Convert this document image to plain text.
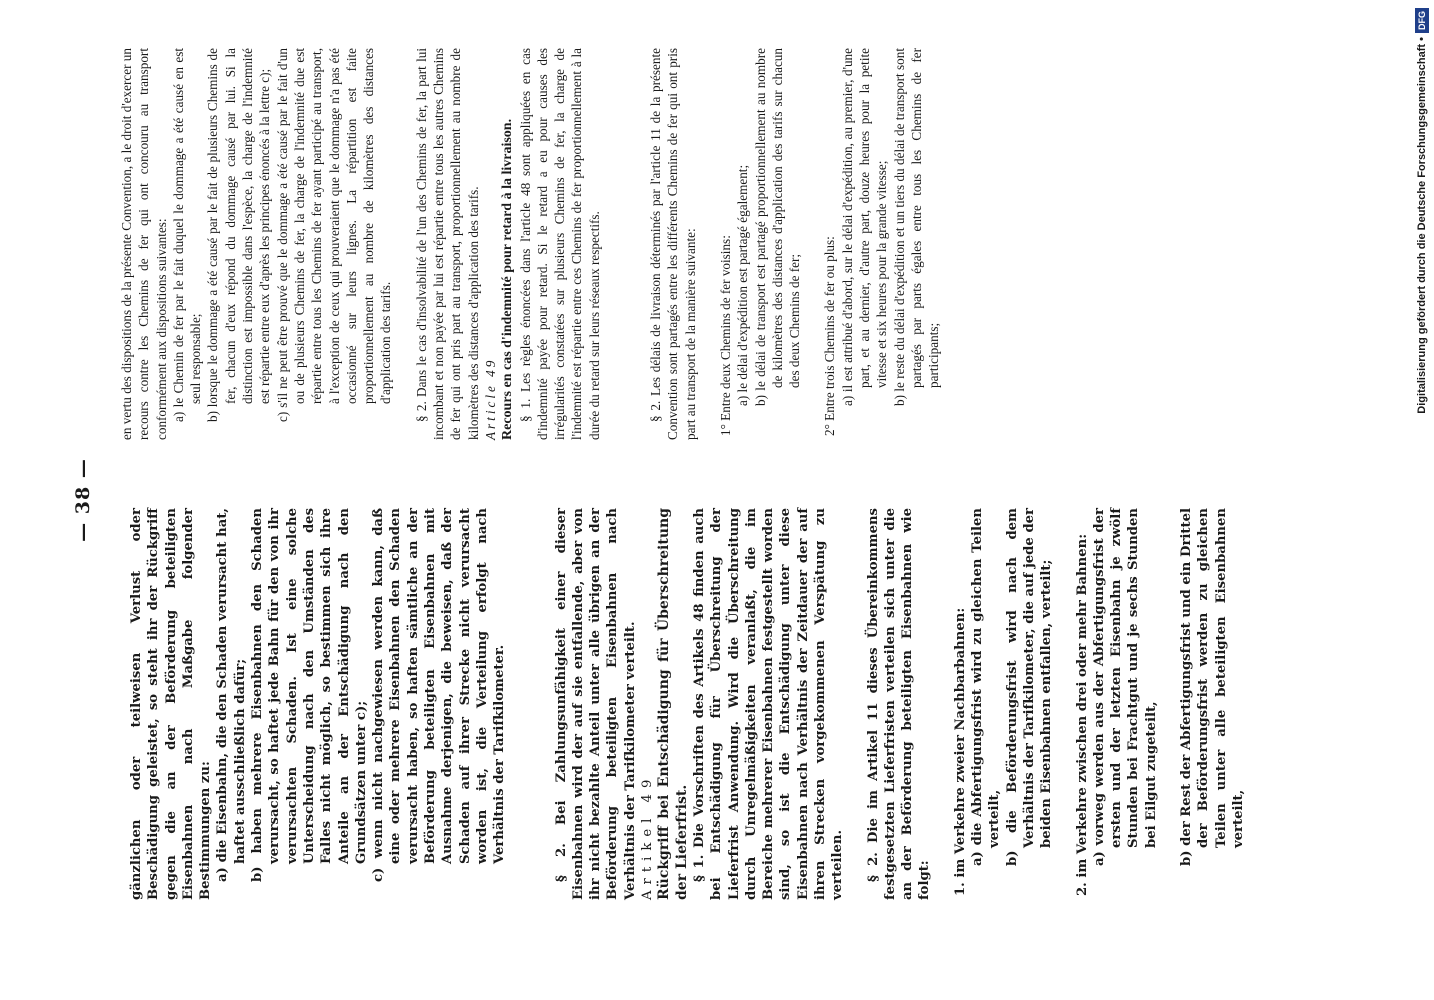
— 38 —

gänzlichen oder teilweisen Verlust oder Beschädigung geleistet, so steht ihr der Rückgriff gegen die an der Beförderung beteiligten Eisenbahnen nach Maßgabe folgender Bestimmungen zu: a) die Eisenbahn, die den Schaden verursacht hat, haftet ausschließlich dafür;

b) haben mehrere Eisenbahnen den Schaden verursacht, so haftet jede Bahn für den von ihr verursachten Schaden. Ist eine solche Unterscheidung nach den Umständen des Falles nicht möglich, so bestimmen sich ihre Anteile an der Entschädigung nach den Grundsätzen unter c);

c) wenn nicht nachgewiesen werden kann, daß eine oder mehrere Eisenbahnen den Schaden verursacht haben, so haften sämtliche an der Beförderung beteiligten Eisenbahnen mit Ausnahme derjenigen, die beweisen, daß der Schaden auf ihrer Strecke nicht verursacht worden ist, die Verteilung erfolgt nach Verhältnis der Tarifkilometer.	§ 2. Bei Zahlungsunfähigkeit einer dieser Eisenbahnen wird der auf sie entfallende, aber von ihr nicht bezahlte Anteil unter alle übrigen an der Beförderung beteiligten Eisenbahnen nach Verhältnis der Tarifkilometer verteilt. Artikel 49 Rückgriff bei Entschädigung für Überschreitung der Lieferfrist. § 1. Die Vorschriften des Artikels 48 finden auch bei Entschädigung für Überschreitung der Lieferfrist Anwendung. Wird die Überschreitung durch Unregelmäßigkeiten veranlaßt, die im Bereiche mehrerer Eisenbahnen festgestellt worden sind, so ist die Entschädigung unter diese Eisenbahnen nach Verhältnis der Zeitdauer der auf ihren Strecken vorgekommenen Verspätung zu verteilen. § 2. Die im Artikel 11 dieses Übereinkommens festgesetzten Lieferfristen verteilen sich unter die an der Beförderung beteiligten Eisenbahnen wie folgt: 1. im Verkehre zweier Nachbarbahnen: a) die Abfertigungsfrist wird zu gleichen Teilen verteilt,

b) die Beförderungsfrist wird nach dem Verhältnis der Tarifkilometer, die auf jede der beiden Eisenbahnen entfallen, verteilt; 2. im Verkehre zwischen drei oder mehr Bahnen: a) vorweg werden aus der Abfertigungsfrist der ersten und der letzten Eisenbahn je zwölf Stunden bei Frachtgut und je sechs Stunden bei Eilgut zugeteilt,

b) der Rest der Abfertigungsfrist und ein Drittel der Beförderungsfrist werden zu gleichen Teilen unter alle beteiligten Eisenbahnen verteilt,

en vertu des dispositions de la présente Convention, a le droit d'exercer un recours contre les Chemins de fer qui ont concouru au transport conformément aux dispositions suivantes: a) le Chemin de fer par le fait duquel le dommage a été causé en est seul responsable;

b) lorsque le dommage a été causé par le fait de plusieurs Chemins de fer, chacun d'eux répond du dommage causé par lui. Si la distinction est impossible dans l'espèce, la charge de l'indemnité est répartie entre eux d'après les principes énoncés à la lettre c);

c) s'il ne peut être prouvé que le dommage a été causé par le fait d'un ou de plusieurs Chemins de fer, la charge de l'indemnité due est répartie entre tous les Chemins de fer ayant participé au transport, à l'exception de ceux qui prouveraient que le dommage n'a pas été occasionné sur leurs lignes. La répartition est faite proportionnellement au nombre de kilomètres des distances d'application des tarifs. § 2. Dans le cas d'insolvabilité de l'un des Chemins de fer, la part lui incombant et non payée par lui est répartie entre tous les autres Chemins de fer qui ont pris part au transport, proportionnellement au nombre de kilomètres des distances d'application des tarifs. Article 49 Recours en cas d'indemnité pour retard à la livraison. § 1. Les règles énoncées dans l'article 48 sont appliquées en cas d'indemnité payée pour retard. Si le retard a eu pour causes des irrégularités constatées sur plusieurs Chemins de fer, la charge de l'indemnité est répartie entre ces Chemins de fer proportionnellement à la durée du retard sur leurs réseaux respectifs.	§ 2. Les délais de livraison déterminés par l'article 11 de la présente Convention sont partagés entre les différents Chemins de fer qui ont pris part au transport de la manière suivante: 1° Entre deux Chemins de fer voisins: a) le délai d'expédition est partagé également;

b) le délai de transport est partagé proportionnellement au nombre de kilomètres des distances d'application des tarifs sur chacun des deux Chemins de fer; 2° Entre trois Chemins de fer ou plus: a) il est attribué d'abord, sur le délai d'expédition, au premier, d'une part, et au dernier, d'autre part, douze heures pour la petite vitesse et six heures pour la grande vitesse;

b) le reste du délai d'expédition et un tiers du délai de transport sont partagés par parts égales entre tous les Chemins de fer participants;	Digitalisierung gefördert durch die Deutsche Forschungsgemeinschaft •DFG
